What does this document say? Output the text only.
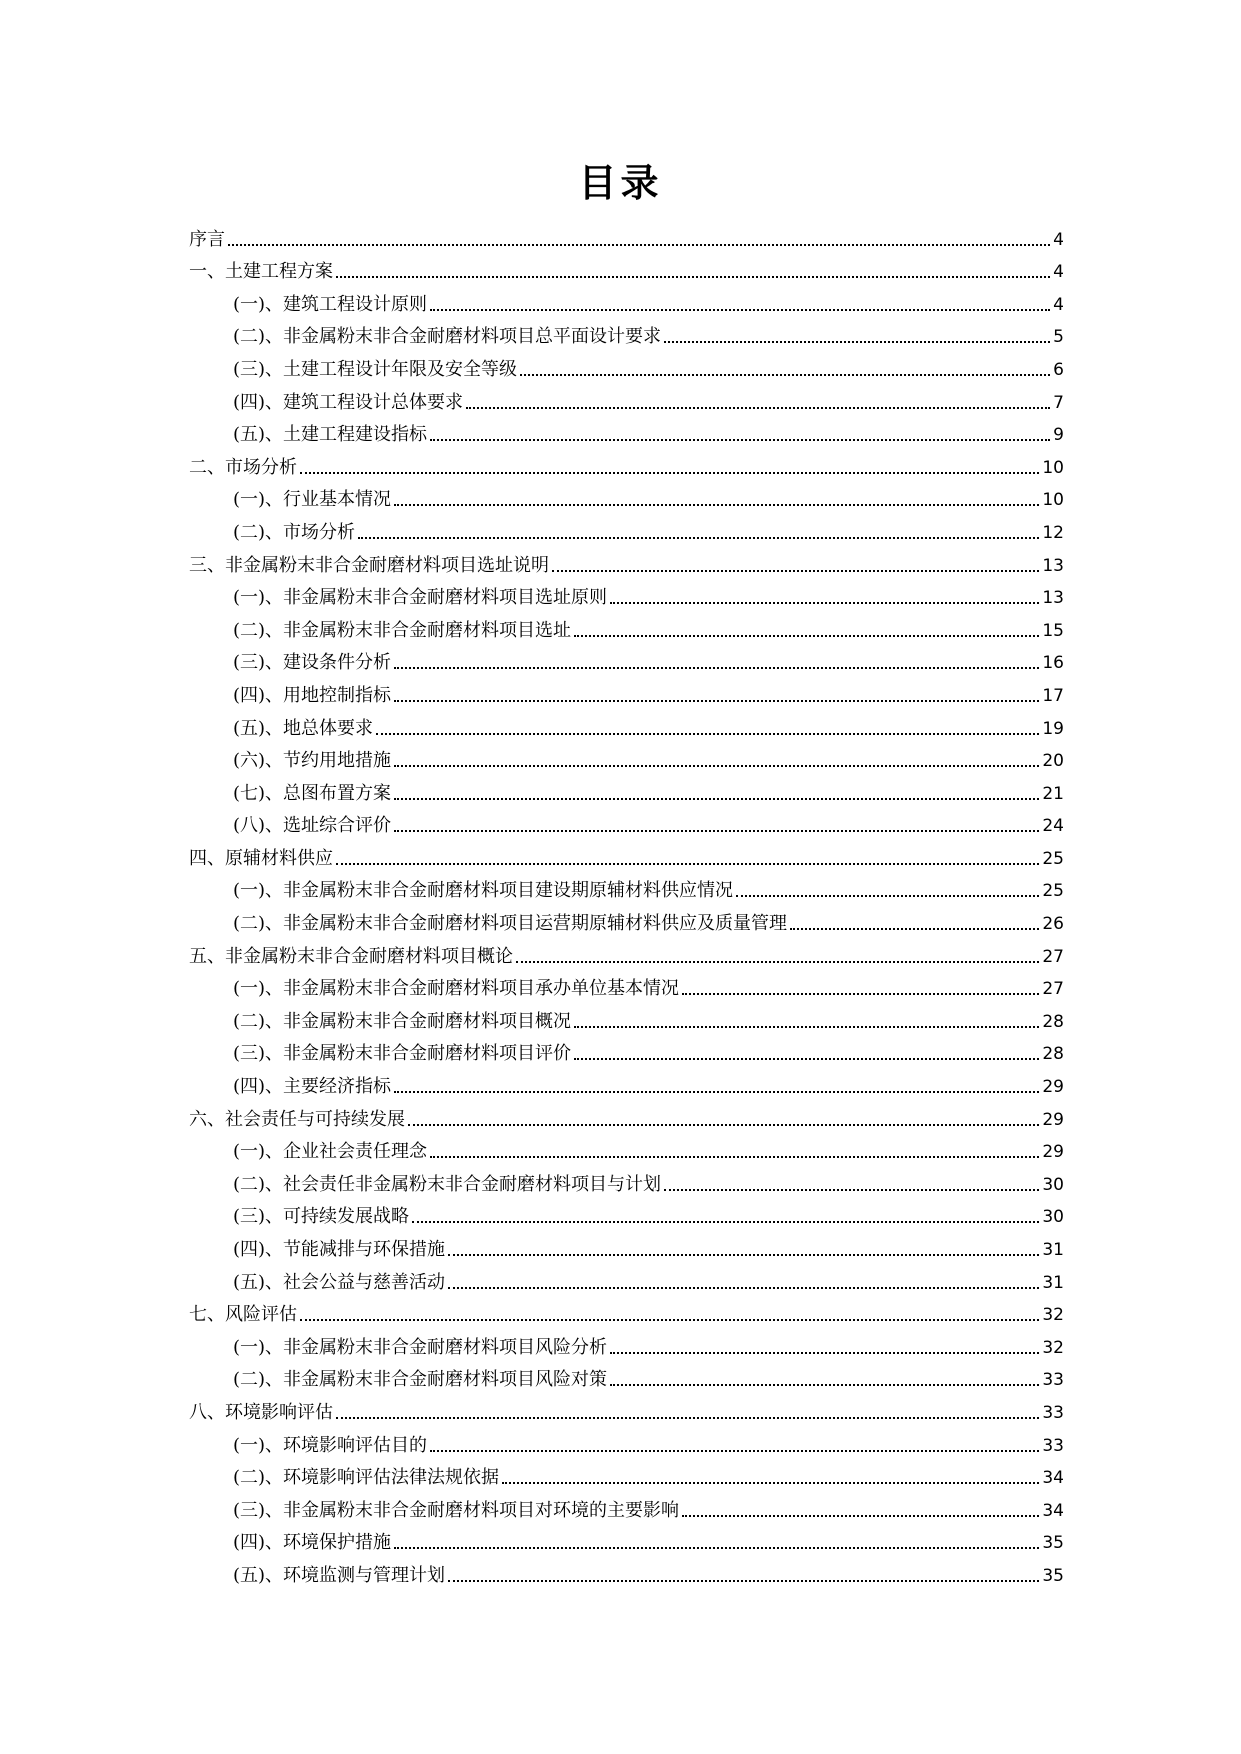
目录
序言	4
一、土建工程方案	4
(一)、建筑工程设计原则	4
(二)、非金属粉末非合金耐磨材料项目总平面设计要求	5
(三)、土建工程设计年限及安全等级	6
(四)、建筑工程设计总体要求	7
(五)、土建工程建设指标	9
二、市场分析	10
(一)、行业基本情况	10
(二)、市场分析	12
三、非金属粉末非合金耐磨材料项目选址说明	13
(一)、非金属粉末非合金耐磨材料项目选址原则	13
(二)、非金属粉末非合金耐磨材料项目选址	15
(三)、建设条件分析	16
(四)、用地控制指标	17
(五)、地总体要求	19
(六)、节约用地措施	20
(七)、总图布置方案	21
(八)、选址综合评价	24
四、原辅材料供应	25
(一)、非金属粉末非合金耐磨材料项目建设期原辅材料供应情况	25
(二)、非金属粉末非合金耐磨材料项目运营期原辅材料供应及质量管理	26
五、非金属粉末非合金耐磨材料项目概论	27
(一)、非金属粉末非合金耐磨材料项目承办单位基本情况	27
(二)、非金属粉末非合金耐磨材料项目概况	28
(三)、非金属粉末非合金耐磨材料项目评价	28
(四)、主要经济指标	29
六、社会责任与可持续发展	29
(一)、企业社会责任理念	29
(二)、社会责任非金属粉末非合金耐磨材料项目与计划	30
(三)、可持续发展战略	30
(四)、节能减排与环保措施	31
(五)、社会公益与慈善活动	31
七、风险评估	32
(一)、非金属粉末非合金耐磨材料项目风险分析	32
(二)、非金属粉末非合金耐磨材料项目风险对策	33
八、环境影响评估	33
(一)、环境影响评估目的	33
(二)、环境影响评估法律法规依据	34
(三)、非金属粉末非合金耐磨材料项目对环境的主要影响	34
(四)、环境保护措施	35
(五)、环境监测与管理计划	35
